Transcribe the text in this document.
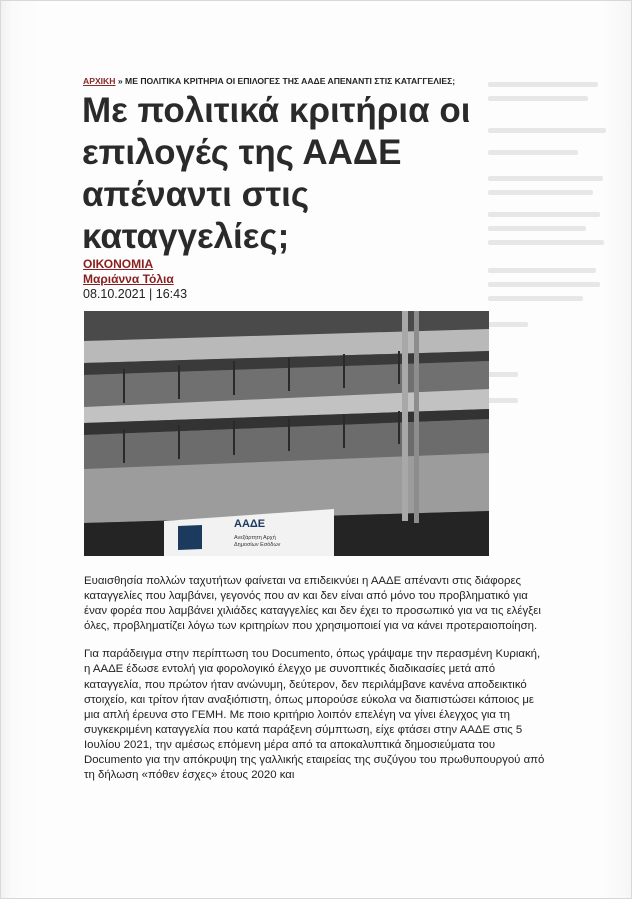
ΑΡΧΙΚΗ » ΜΕ ΠΟΛΙΤΙΚΑ ΚΡΙΤΗΡΙΑ ΟΙ ΕΠΙΛΟΓΕΣ ΤΗΣ ΑΑΔΕ ΑΠΕΝΑΝΤΙ ΣΤΙΣ ΚΑΤΑΓΓΕΛΙΕΣ;
Με πολιτικά κριτήρια οι επιλογές της ΑΑΔΕ απέναντι στις καταγγελίες;
ΟΙΚΟΝΟΜΙΑ
Μαριάννα Τόλια
08.10.2021 | 16:43
ΑΑΔΕ
Ανεξάρτητη Αρχή
Δημοσίων Εσόδων

Ευαισθησία πολλών ταχυτήτων φαίνεται να επιδεικνύει η ΑΑΔΕ απέναντι στις διάφορες καταγγελίες που λαμβάνει, γεγονός που αν και δεν είναι από μόνο του προβληματικό για έναν φορέα που λαμβάνει χιλιάδες καταγγελίες και δεν έχει το προσωπικό για να τις ελέγξει όλες, προβληματίζει λόγω των κριτηρίων που χρησιμοποιεί για να κάνει προτεραιοποίηση.

Για παράδειγμα στην περίπτωση του Documento, όπως γράψαμε την περασμένη Κυριακή, η ΑΑΔΕ έδωσε εντολή για φορολογικό έλεγχο με συνοπτικές διαδικασίες μετά από καταγγελία, που πρώτον ήταν ανώνυμη, δεύτερον, δεν περιλάμβανε κανένα αποδεικτικό στοιχείο, και τρίτον ήταν αναξιόπιστη, όπως μπορούσε εύκολα να διαπιστώσει κάποιος με μια απλή έρευνα στο ΓΕΜΗ. Με ποιο κριτήριο λοιπόν επελέγη να γίνει έλεγχος για τη συγκεκριμένη καταγγελία που κατά παράξενη σύμπτωση, είχε φτάσει στην ΑΑΔΕ στις 5 Ιουλίου 2021, την αμέσως επόμενη μέρα από τα αποκαλυπτικά δημοσιεύματα του Documento για την απόκρυψη της γαλλικής εταιρείας της συζύγου του πρωθυπουργού από τη δήλωση «πόθεν έσχες» έτους 2020 και
